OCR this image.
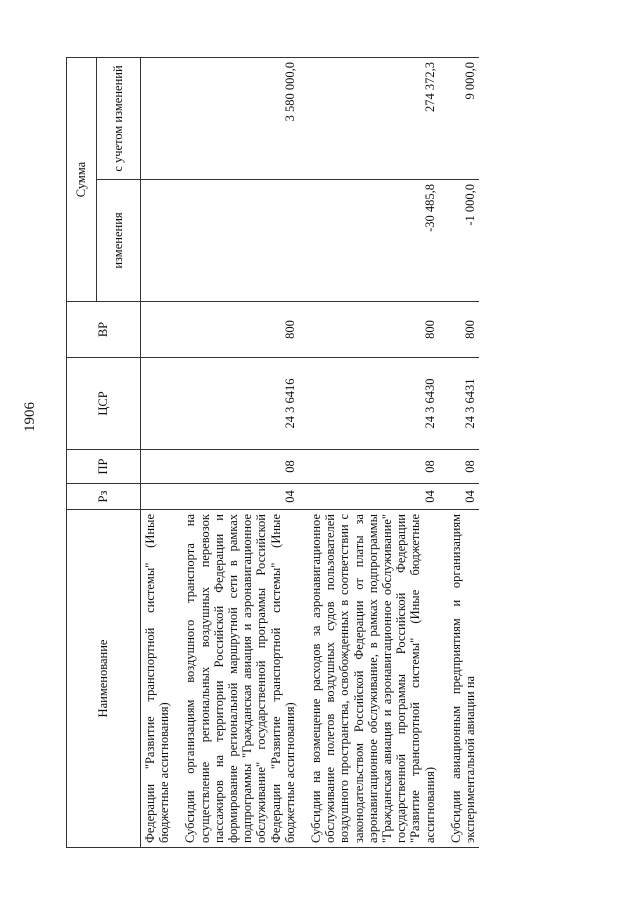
1906
Наименование	Рз	ПР	ЦСР	ВР	Сумма	
					изменения	с учетом изменений
Федерации "Развитие транспортной системы" (Иные бюджетные ассигнования)						
Субсидии организациям воздушного транспорта на осуществление региональных воздушных перевозок пассажиров на территории Российской Федерации и формирование региональной маршрутной сети в рамках подпрограммы "Гражданская авиация и аэронавигационное обслуживание" государственной программы Российской Федерации "Развитие транспортной системы" (Иные бюджетные ассигнования)	04	08	24 3 6416	800		3 580 000,0
Субсидии на возмещение расходов за аэронавигационное обслуживание полетов воздушных судов пользователей воздушного пространства, освобожденных в соответствии с законодательством Российской Федерации от платы за аэронавигационное обслуживание, в рамках подпрограммы "Гражданская авиация и аэронавигационное обслуживание" государственной программы Российской Федерации "Развитие транспортной системы" (Иные бюджетные ассигнования)	04	08	24 3 6430	800	-30 485,8	274 372,3
Субсидии авиационным предприятиям и организациям экспериментальной авиации на	04	08	24 3 6431	800	-1 000,0	9 000,0
